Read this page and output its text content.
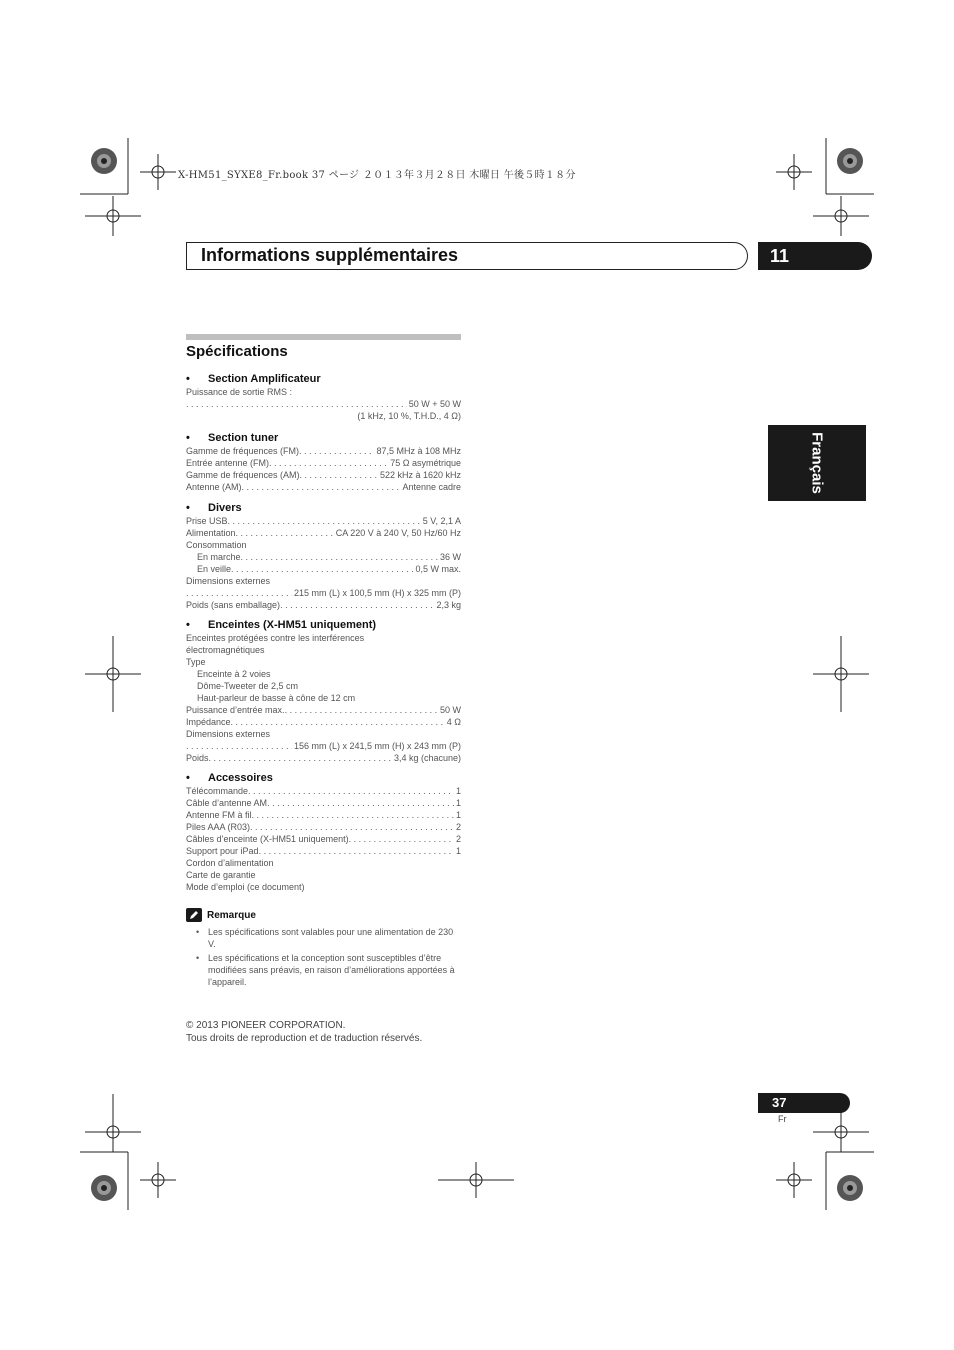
X-HM51_SYXE8_Fr.book 37 ページ ２０１３年３月２８日 木曜日 午後５時１８分
Informations supplémentaires	11
Français
Spécifications
• Section Amplificateur
Puissance de sortie RMS :
. . .
50 W + 50 W
(1 kHz, 10 %, T.H.D., 4 Ω)
• Section tuner
Gamme de fréquences (FM) . . .	87,5 MHz à 108 MHz
Entrée antenne (FM) . . .	75 Ω asymétrique
Gamme de fréquences (AM) . . .	522 kHz à 1620 kHz
Antenne (AM) . . .	Antenne cadre
• Divers
Prise USB . . .	5 V, 2,1 A
Alimentation . . .	CA 220 V à 240 V, 50 Hz/60 Hz
Consommation
En marche . . .	36 W
En veille . . .	0,5 W max.
Dimensions externes
. . .
215 mm (L) x 100,5 mm (H) x 325 mm (P)
Poids (sans emballage) . . .	2,3 kg
• Enceintes (X-HM51 uniquement)
Enceintes protégées contre les interférences
électromagnétiques
Type
Enceinte à 2 voies
Dôme-Tweeter de 2,5 cm
Haut-parleur de basse à cône de 12 cm
Puissance d’entrée max. . . .	50 W
Impédance . . .	4 Ω
Dimensions externes
. . .
156 mm (L) x 241,5 mm (H) x 243 mm (P)
Poids . . .	3,4 kg (chacune)
• Accessoires
Télécommande . . .	1
Câble d’antenne AM . . .	1
Antenne FM à fil . . .	1
Piles AAA (R03) . . .	2
Câbles d’enceinte (X-HM51 uniquement) . . .	2
Support pour iPad . . .	1
Cordon d’alimentation
Carte de garantie
Mode d’emploi (ce document)
Remarque
• Les spécifications sont valables pour une alimentation de 230 V.
• Les spécifications et la conception sont susceptibles d’être modifiées sans préavis, en raison d’améliorations apportées à l’appareil.
© 2013 PIONEER CORPORATION.
Tous droits de reproduction et de traduction réservés.
37
Fr
